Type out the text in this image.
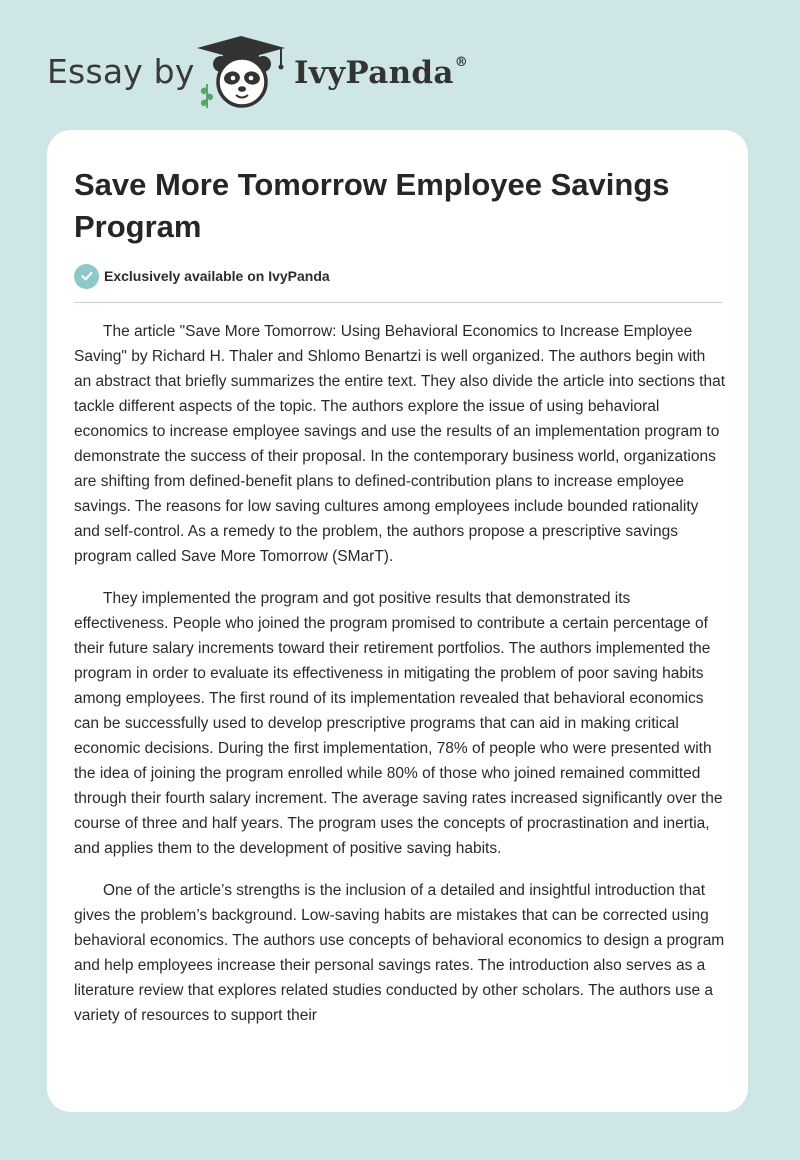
Essay by	IvyPanda®
Save More Tomorrow Employee Savings Program
Exclusively available on IvyPanda

The article "Save More Tomorrow: Using Behavioral Economics to Increase Employee Saving" by Richard H. Thaler and Shlomo Benartzi is well organized. The authors begin with an abstract that briefly summarizes the entire text. They also divide the article into sections that tackle different aspects of the topic. The authors explore the issue of using behavioral economics to increase employee savings and use the results of an implementation program to demonstrate the success of their proposal. In the contemporary business world, organizations are shifting from defined-benefit plans to defined-contribution plans to increase employee savings. The reasons for low saving cultures among employees include bounded rationality and self-control. As a remedy to the problem, the authors propose a prescriptive savings program called Save More Tomorrow (SMarT).

They implemented the program and got positive results that demonstrated its effectiveness. People who joined the program promised to contribute a certain percentage of their future salary increments toward their retirement portfolios. The authors implemented the program in order to evaluate its effectiveness in mitigating the problem of poor saving habits among employees. The first round of its implementation revealed that behavioral economics can be successfully used to develop prescriptive programs that can aid in making critical economic decisions. During the first implementation, 78% of people who were presented with the idea of joining the program enrolled while 80% of those who joined remained committed through their fourth salary increment. The average saving rates increased significantly over the course of three and half years. The program uses the concepts of procrastination and inertia, and applies them to the development of positive saving habits.

One of the article’s strengths is the inclusion of a detailed and insightful introduction that gives the problem’s background. Low-saving habits are mistakes that can be corrected using behavioral economics. The authors use concepts of behavioral economics to design a program and help employees increase their personal savings rates. The introduction also serves as a literature review that explores related studies conducted by other scholars. The authors use a variety of resources to support their
